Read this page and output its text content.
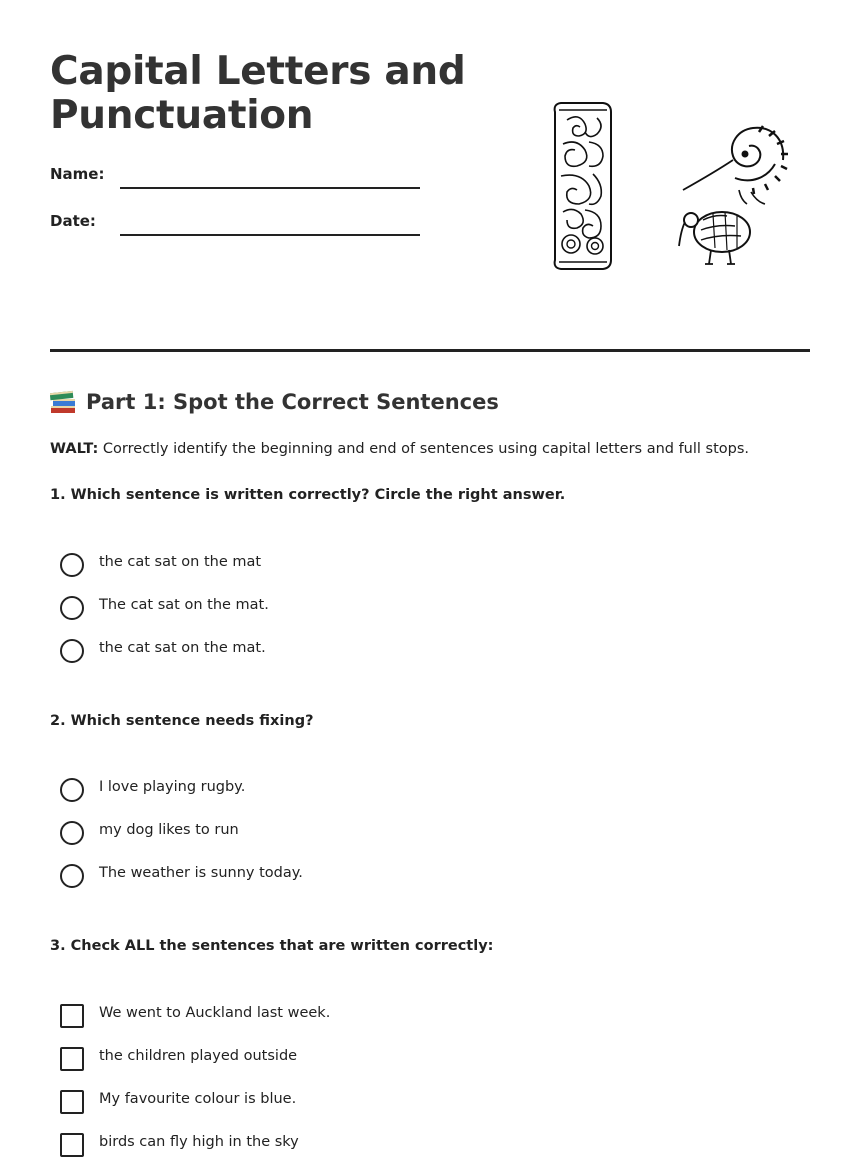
Capital Letters and
Punctuation
Name:
Date:
Part 1: Spot the Correct Sentences
WALT: Correctly identify the beginning and end of sentences using capital letters and full stops.
1. Which sentence is written correctly? Circle the right answer.
the cat sat on the mat
The cat sat on the mat.
the cat sat on the mat.
2. Which sentence needs fixing?
I love playing rugby.
my dog likes to run
The weather is sunny today.
3. Check ALL the sentences that are written correctly:
We went to Auckland last week.
the children played outside
My favourite colour is blue.
birds can fly high in the sky
